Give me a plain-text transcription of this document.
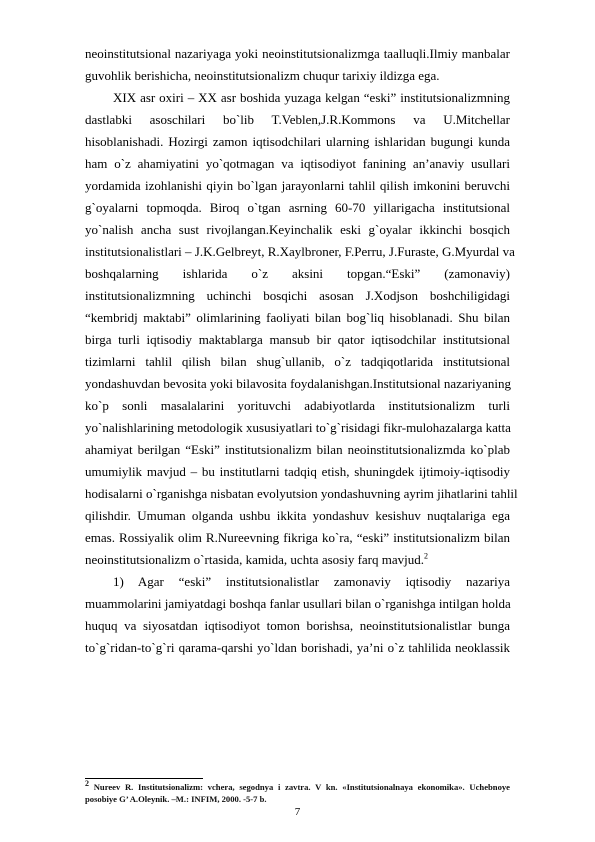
neoinstitutsional nazariyaga yoki neoinstitutsionalizmga taalluqli.Ilmiy manbalar
guvohlik berishicha, neoinstitutsionalizm chuqur tarixiy ildizga ega.
XIX asr oxiri – XX asr boshida yuzaga kelgan “eski” institutsionalizmning
dastlabki asoschilari bo`lib T.Veblen,J.R.Kommons va U.Mitchellar
hisoblanishadi. Hozirgi zamon iqtisodchilari ularning ishlaridan bugungi kunda
ham o`z ahamiyatini yo`qotmagan va iqtisodiyot fanining an’anaviy usullari
yordamida izohlanishi qiyin bo`lgan jarayonlarni tahlil qilish imkonini beruvchi
g`oyalarni topmoqda. Biroq o`tgan asrning 60-70 yillarigacha institutsional
yo`nalish ancha sust rivojlangan.Keyinchalik eski g`oyalar ikkinchi bosqich
institutsionalistlari – J.K.Gelbreyt, R.Xaylbroner, F.Perru, J.Furaste, G.Myurdal va
boshqalarning ishlarida o`z aksini topgan.“Eski” (zamonaviy)
institutsionalizmning uchinchi bosqichi asosan J.Xodjson boshchiligidagi
“kembridj maktabi” olimlarining faoliyati bilan bog`liq hisoblanadi. Shu bilan
birga turli iqtisodiy maktablarga mansub bir qator iqtisodchilar institutsional
tizimlarni tahlil qilish bilan shug`ullanib, o`z tadqiqotlarida institutsional
yondashuvdan bevosita yoki bilavosita foydalanishgan.Institutsional nazariyaning
ko`p sonli masalalarini yorituvchi adabiyotlarda institutsionalizm turli
yo`nalishlarining metodologik xususiyatlari to`g`risidagi fikr-mulohazalarga katta
ahamiyat berilgan “Eski” institutsionalizm bilan neoinstitutsionalizmda ko`plab
umumiylik mavjud – bu institutlarni tadqiq etish, shuningdek ijtimoiy-iqtisodiy
hodisalarni o`rganishga nisbatan evolyutsion yondashuvning ayrim jihatlarini tahlil
qilishdir. Umuman olganda ushbu ikkita yondashuv kesishuv nuqtalariga ega
emas. Rossiyalik olim R.Nureevning fikriga ko`ra, “eski” institutsionalizm bilan
neoinstitutsionalizm o`rtasida, kamida, uchta asosiy farq mavjud.$^2$
1) Agar “eski” institutsionalistlar zamonaviy iqtisodiy nazariya
muammolarini jamiyatdagi boshqa fanlar usullari bilan o`rganishga intilgan holda
huquq va siyosatdan iqtisodiyot tomon borishsa, neoinstitutsionalistlar bunga
to`g`ridan-to`g`ri qarama-qarshi yo`ldan borishadi, ya’ni o`z tahlilida neoklassik
$^2$ Nureev R. Institutsionalizm: vchera, segodnya i zavtra. V kn. «Institutsionalnaya ekonomika». Uchebnoye
posobiye G’ A.Oleynik. –M.: INFIM, 2000. -5-7 b.
7
